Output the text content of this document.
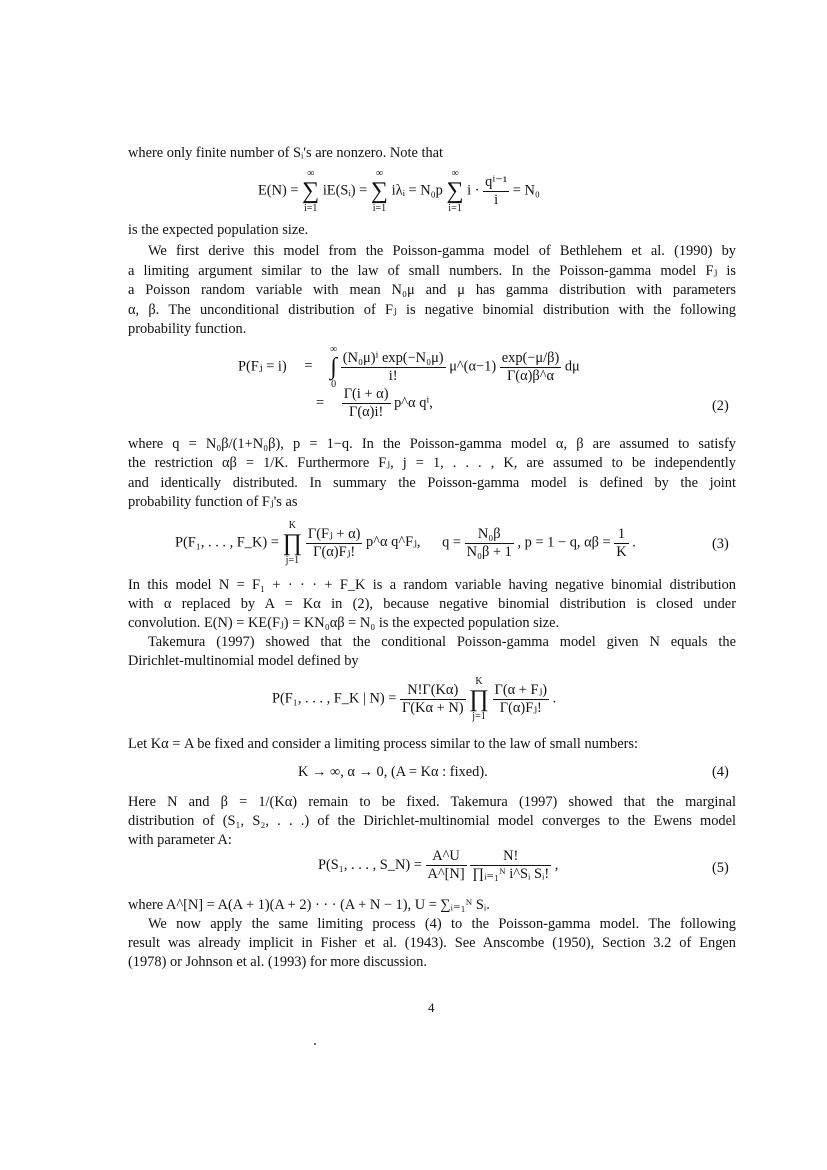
where only finite number of Sᵢ's are nonzero. Note that
E(N) = ∞
∑
i=1 iE(Sᵢ) = ∞
∑
i=1 iλᵢ = N₀p ∞
∑
i=1 $i \cdot \frac{\text{qⁱ⁻¹}}{i} = N_0$
is the expected population size.
We first derive this model from the Poisson-gamma model of Bethlehem et al. (1990) by
a limiting argument similar to the law of small numbers. In the Poisson-gamma model Fⱼ is
a Poisson random variable with mean N₀μ and μ has gamma distribution with parameters
α, β. The unconditional distribution of Fⱼ is negative binomial distribution with the following
probability function.
P(Fⱼ = i) = ∞
∫
$0 \frac{\text{(N₀μ)ⁱ exp(−N₀μ)}}{i!}$ μ^(α−1) $\frac{\exp(-\mu/\beta)}{\Gamma(\alpha)\beta\^{}\alpha}$ dμ
= $\frac{\Gamma(i + \alpha)}{\Gamma(\alpha)i!}$ p^α qⁱ,	(2)
where q = N₀β/(1+N₀β), p = 1−q. In the Poisson-gamma model α, β are assumed to satisfy
the restriction αβ = 1/K. Furthermore Fⱼ, j = 1, . . . , K, are assumed to be independently
and identically distributed. In summary the Poisson-gamma model is defined by the joint
probability function of Fⱼ's as
P(F₁, . . . , F_K) = K
∏
$j=1 \frac{\text{Γ(Fⱼ + α)}}{\text{Γ(α)Fⱼ!}}$ p^α q^Fⱼ, $q = \frac{\text{N₀β}}{\text{N₀β + 1}}$ , p = 1 − q, $\alpha\beta = \frac{1}{K}$ .	(3)
In this model N = F₁ + · · · + F_K is a random variable having negative binomial distribution
with α replaced by A = Kα in (2), because negative binomial distribution is closed under
convolution. E(N) = KE(Fⱼ) = KN₀αβ = N₀ is the expected population size.
Takemura (1997) showed that the conditional Poisson-gamma model given N equals the
Dirichlet-multinomial model defined by
P(F₁, . . . , F_K | $N) = \frac{N!\Gamma(K\alpha)}{\Gamma(K\alpha + N)}$ K
∏
$j=1 \frac{\text{Γ(α + Fⱼ)}}{\text{Γ(α)Fⱼ!}}$ .
Let Kα = A be fixed and consider a limiting process similar to the law of small numbers:
K → ∞, α → 0, (A = Kα : fixed).	(4)
Here N and β = 1/(Kα) remain to be fixed. Takemura (1997) showed that the marginal
distribution of (S₁, S₂, . . .) of the Dirichlet-multinomial model converges to the Ewens model
with parameter A:
P(S₁, . . . , S_N) = $\frac{A\^{}U}{A\^{}[N]}$
$\frac{N!}{\text{∏ᵢ₌₁ᴺ i\textasciicircum{}Sᵢ Sᵢ!}}$ ,	(5)
where A^[N] = A(A + 1)(A + 2) · · · (A + N − 1), U = ∑ᵢ₌₁ᴺ Sᵢ.
We now apply the same limiting process (4) to the Poisson-gamma model. The following
result was already implicit in Fisher et al. (1943). See Anscombe (1950), Section 3.2 of Engen
(1978) or Johnson et al. (1993) for more discussion.
4
